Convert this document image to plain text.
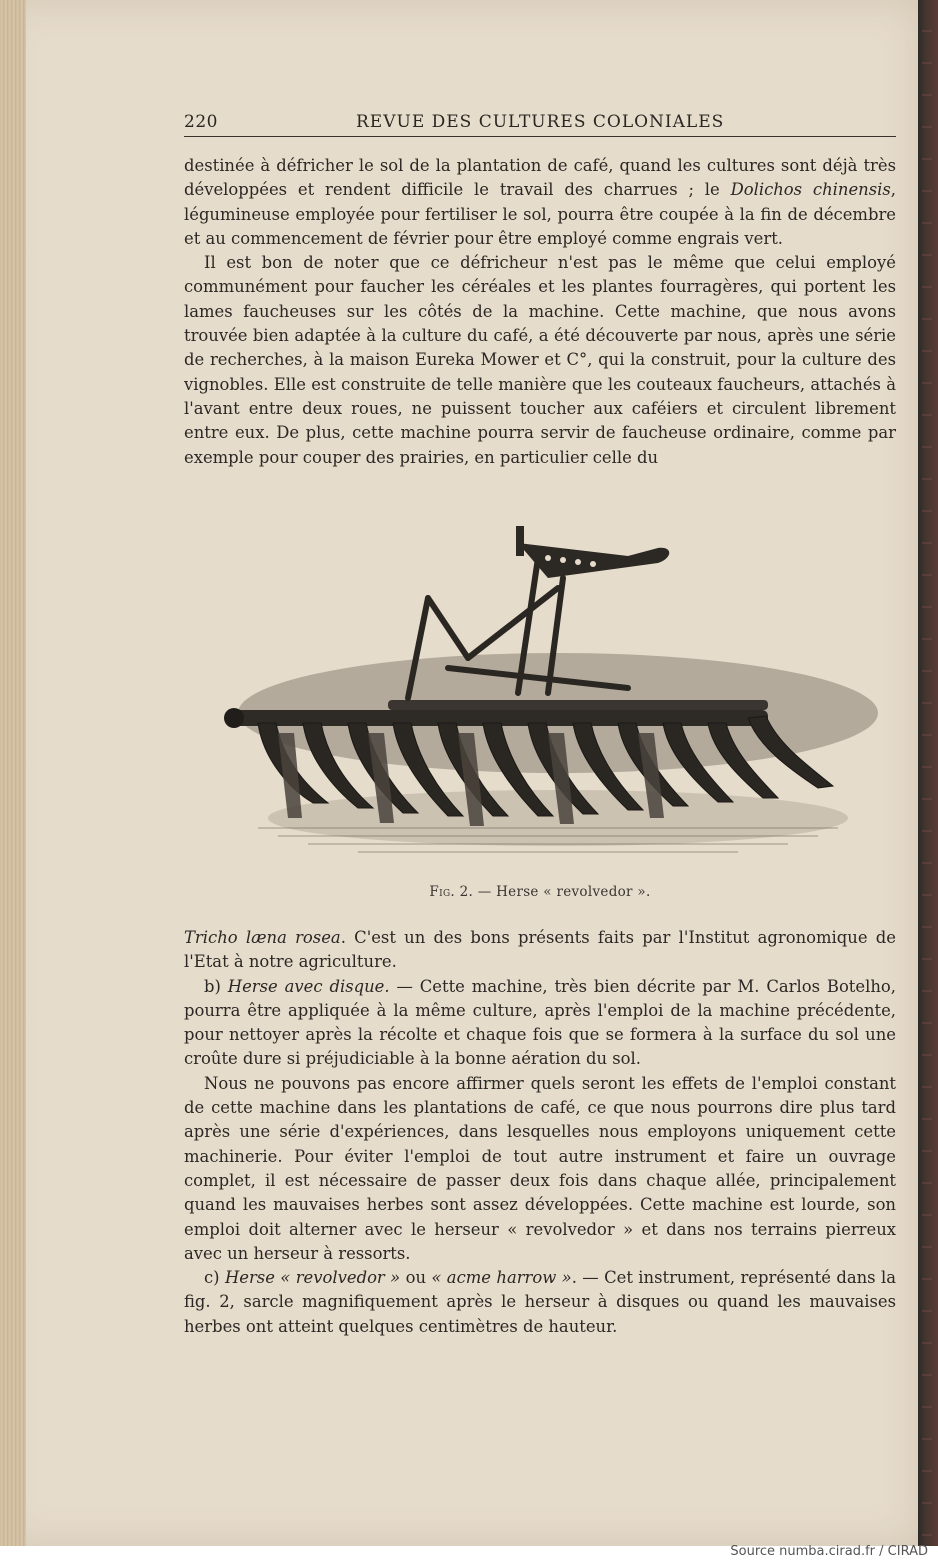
220	REVUE DES CULTURES COLONIALES

destinée à défricher le sol de la plantation de café, quand les cultures sont déjà très développées et rendent difficile le travail des charrues ; le Dolichos chinensis, légumineuse employée pour fertiliser le sol, pourra être coupée à la fin de décembre et au commencement de février pour être employé comme engrais vert.

Il est bon de noter que ce défricheur n'est pas le même que celui employé communément pour faucher les céréales et les plantes fourragères, qui portent les lames faucheuses sur les côtés de la machine. Cette machine, que nous avons trouvée bien adaptée à la culture du café, a été découverte par nous, après une série de recherches, à la maison Eureka Mower et C°, qui la construit, pour la culture des vignobles. Elle est construite de telle manière que les couteaux faucheurs, attachés à l'avant entre deux roues, ne puissent toucher aux caféiers et circulent librement entre eux. De plus, cette machine pourra servir de faucheuse ordinaire, comme par exemple pour couper des prairies, en particulier celle du

Fig. 2. — Herse « revolvedor ».

Tricho læna rosea. C'est un des bons présents faits par l'Institut agronomique de l'Etat à notre agriculture.

b) Herse avec disque. — Cette machine, très bien décrite par M. Carlos Botelho, pourra être appliquée à la même culture, après l'emploi de la machine précédente, pour nettoyer après la récolte et chaque fois que se formera à la surface du sol une croûte dure si préjudiciable à la bonne aération du sol.

Nous ne pouvons pas encore affirmer quels seront les effets de l'emploi constant de cette machine dans les plantations de café, ce que nous pourrons dire plus tard après une série d'expériences, dans lesquelles nous employons uniquement cette machinerie. Pour éviter l'emploi de tout autre instrument et faire un ouvrage complet, il est nécessaire de passer deux fois dans chaque allée, principalement quand les mauvaises herbes sont assez développées. Cette machine est lourde, son emploi doit alterner avec le herseur « revolvedor » et dans nos terrains pierreux avec un herseur à ressorts.

c) Herse « revolvedor » ou « acme harrow ». — Cet instrument, représenté dans la fig. 2, sarcle magnifiquement après le herseur à disques ou quand les mauvaises herbes ont atteint quelques centimètres de hauteur.

Source numba.cirad.fr / CIRAD
